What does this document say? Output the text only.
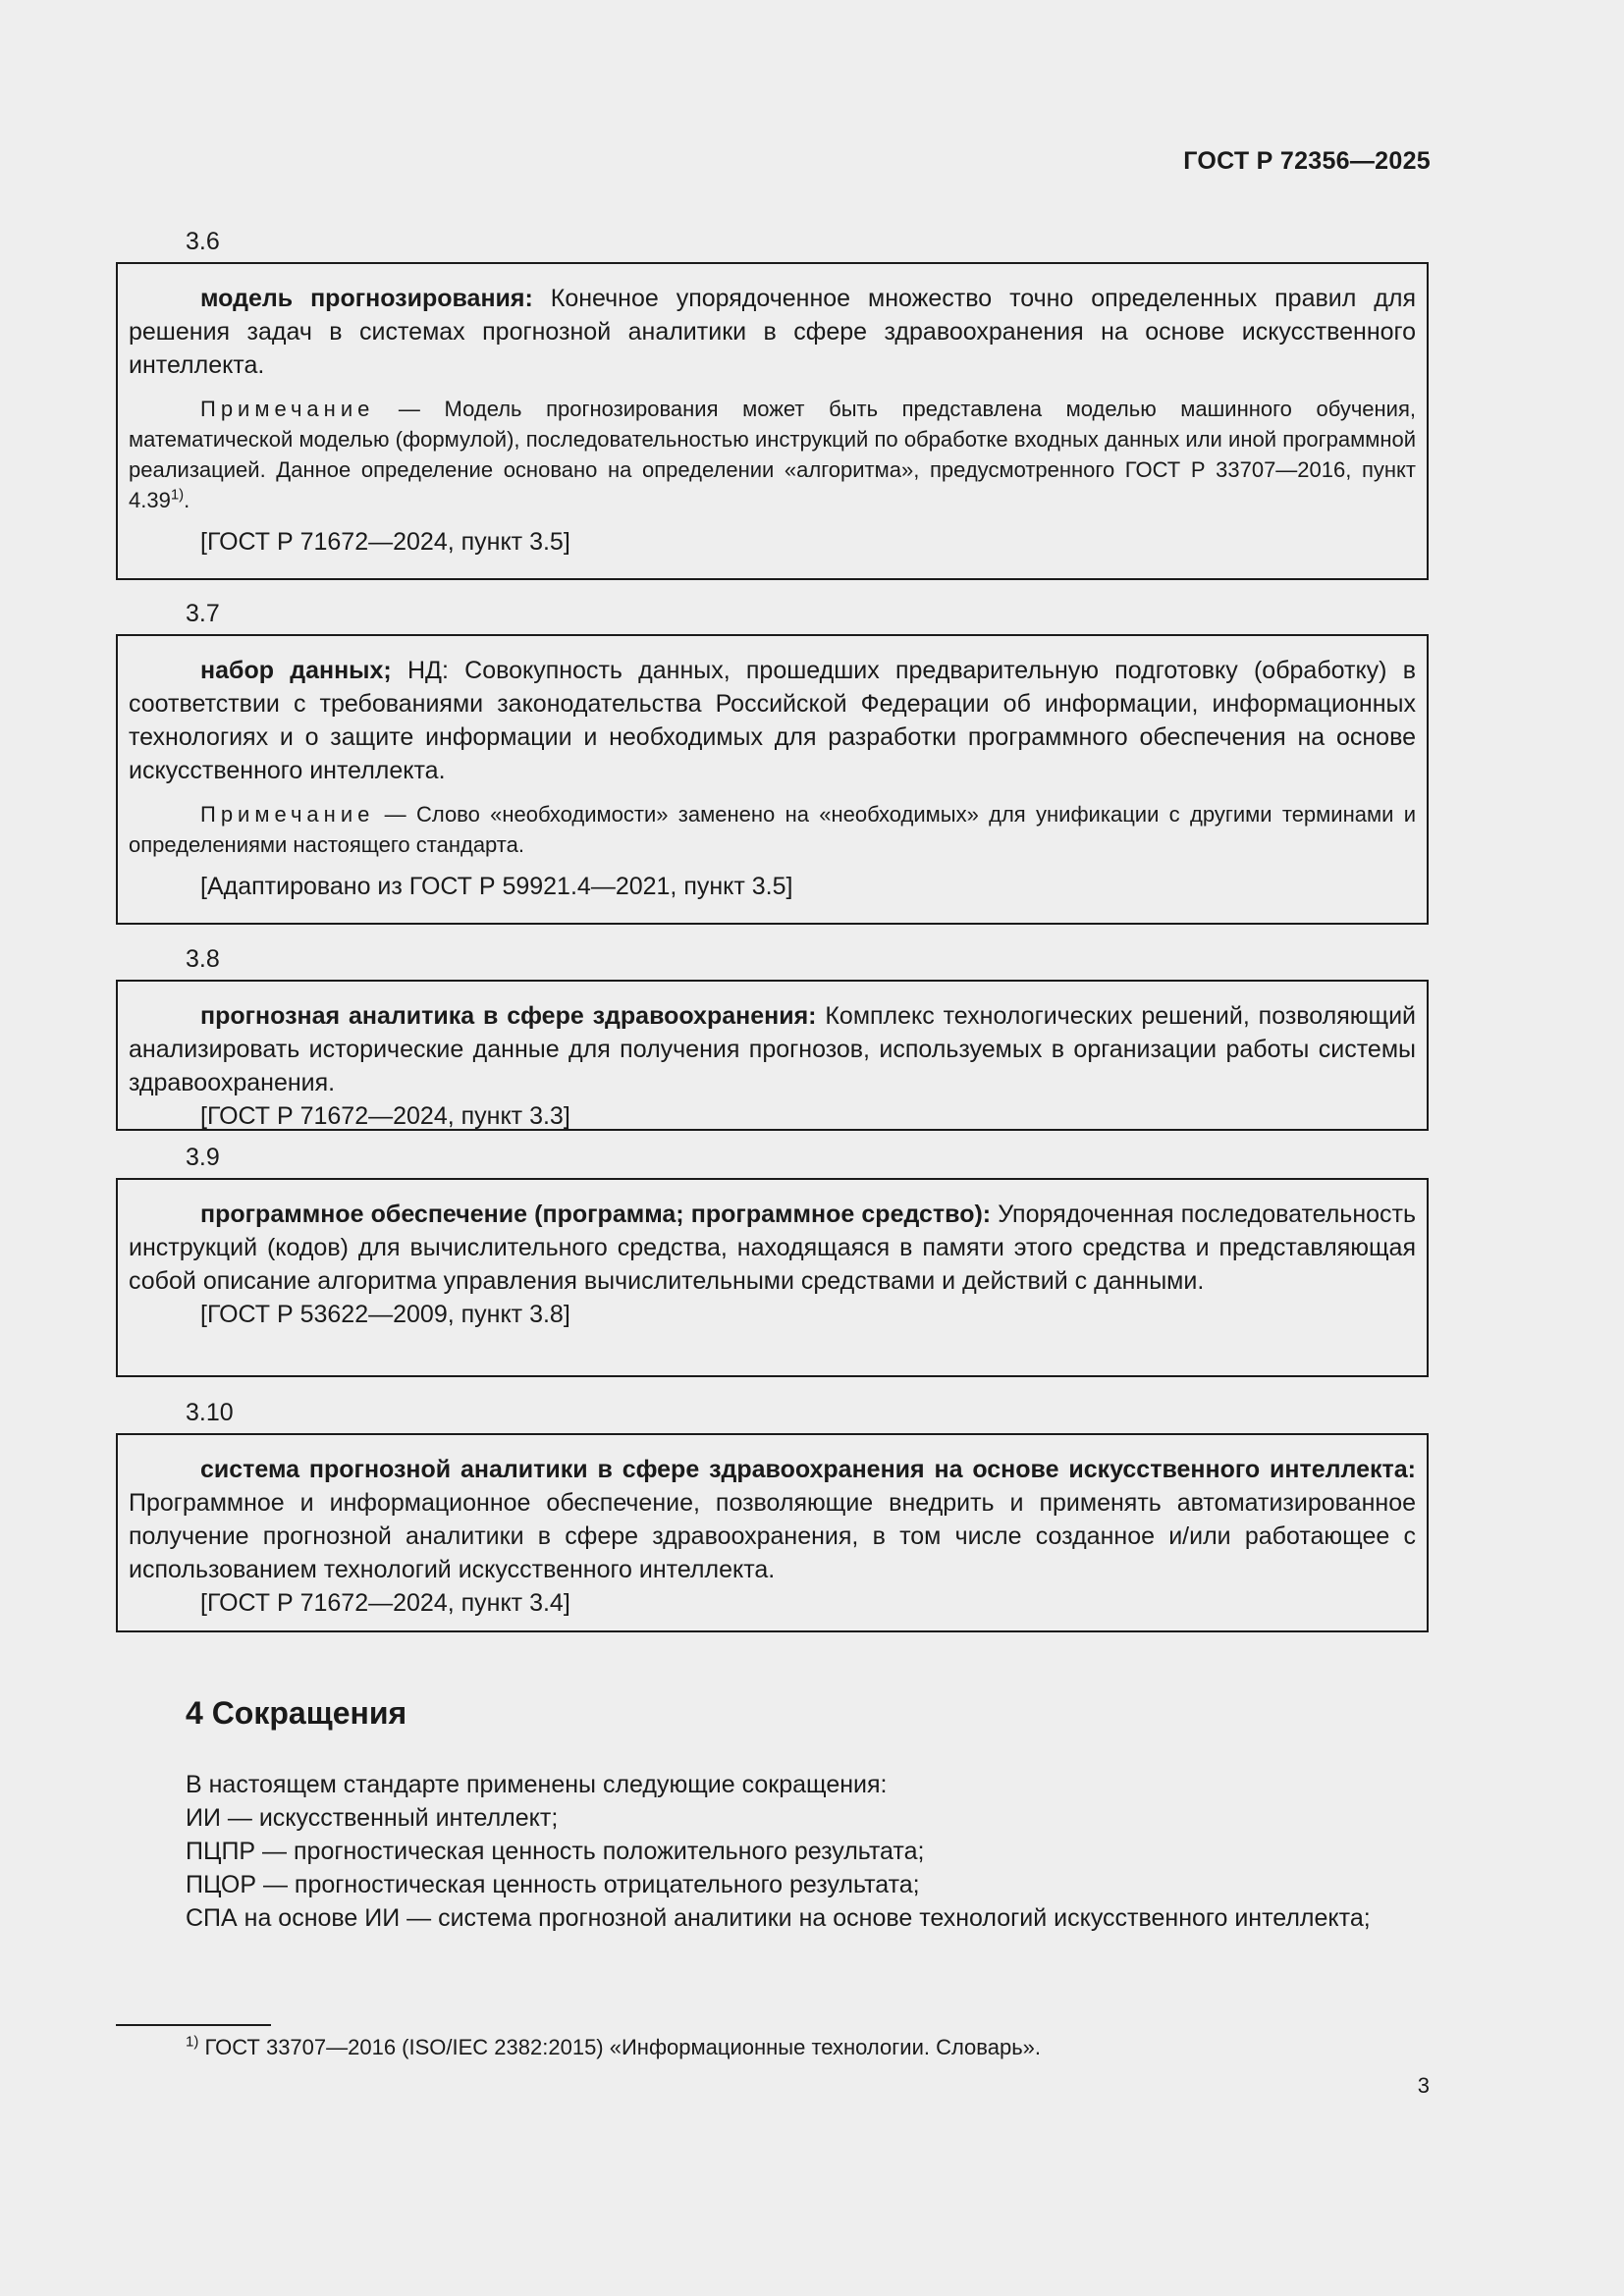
ГОСТ Р 72356—2025
3.6

модель прогнозирования: Конечное упорядоченное множество точно определенных правил для решения задач в системах прогнозной аналитики в сфере здравоохранения на основе искусственного интеллекта.

Примечание — Модель прогнозирования может быть представлена моделью машинного обучения, математической моделью (формулой), последовательностью инструкций по обработке входных данных или иной программной реализацией. Данное определение основано на определении «алгоритма», предусмотренного ГОСТ Р 33707—2016, пункт 4.39$^{1)}$.

[ГОСТ Р 71672—2024, пункт 3.5]

3.7

набор данных; НД: Совокупность данных, прошедших предварительную подготовку (обработку) в соответствии с требованиями законодательства Российской Федерации об информации, информационных технологиях и о защите информации и необходимых для разработки программного обеспечения на основе искусственного интеллекта.

Примечание — Слово «необходимости» заменено на «необходимых» для унификации с другими терминами и определениями настоящего стандарта.

[Адаптировано из ГОСТ Р 59921.4—2021, пункт 3.5]

3.8

прогнозная аналитика в сфере здравоохранения: Комплекс технологических решений, позволяющий анализировать исторические данные для получения прогнозов, используемых в организации работы системы здравоохранения.

[ГОСТ Р 71672—2024, пункт 3.3]

3.9

программное обеспечение (программа; программное средство): Упорядоченная последовательность инструкций (кодов) для вычислительного средства, находящаяся в памяти этого средства и представляющая собой описание алгоритма управления вычислительными средствами и действий с данными.

[ГОСТ Р 53622—2009, пункт 3.8]

3.10

система прогнозной аналитики в сфере здравоохранения на основе искусственного интеллекта: Программное и информационное обеспечение, позволяющие внедрить и применять автоматизированное получение прогнозной аналитики в сфере здравоохранения, в том числе созданное и/или работающее с использованием технологий искусственного интеллекта.

[ГОСТ Р 71672—2024, пункт 3.4]

4 Сокращения

В настоящем стандарте применены следующие сокращения:

ИИ — искусственный интеллект;

ПЦПР — прогностическая ценность положительного результата;

ПЦОР — прогностическая ценность отрицательного результата;

СПА на основе ИИ — система прогнозной аналитики на основе технологий искусственного интеллекта;

$^{1)}$ ГОСТ 33707—2016 (ISO/IEC 2382:2015) «Информационные технологии. Словарь».
3
